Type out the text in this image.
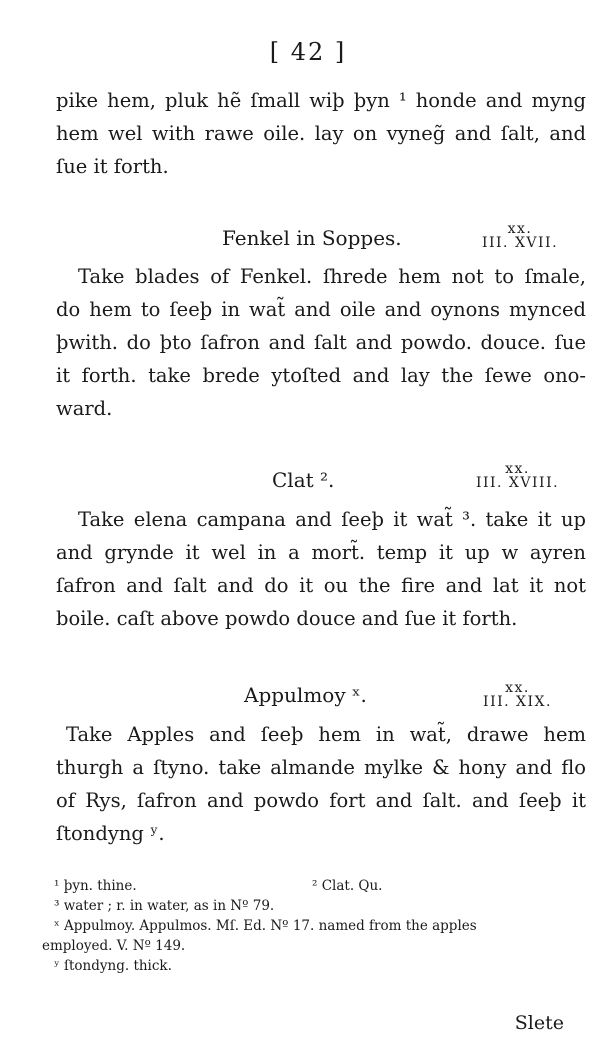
[ 42 ]
pike hem, pluk hẽ ſmall wiþ þyn ¹ honde and myng
hem wel with rawe oile. lay on vyneg̃ and ſalt, and
ſue it forth.
Fenkel in Soppes.	xx.
III. XVII.
Take blades of Fenkel. ſhrede hem not to ſmale,
do hem to ſeeþ in wat̃ and oile and oynons mynced
þwith. do þto ſafron and ſalt and powdo. douce. ſue
it forth. take brede ytoſted and lay the ſewe ono-
ward.
Clat ².	xx.
III. XVIII.
Take elena campana and ſeeþ it wat̃ ³. take it up
and grynde it wel in a mort̃. temp it up w ayren
ſafron and ſalt and do it ou the fire and lat it not
boile. caſt above powdo douce and ſue it forth.
Appulmoy ˣ.	xx.
III. XIX.
Take Apples and ſeeþ hem in wat̃, drawe hem
thurgh a ſtyno. take almande mylke & hony and flo
of Rys, ſafron and powdo fort and ſalt. and ſeeþ it
ſtondyng ʸ.
¹ þyn. thine.	² Clat. Qu.
³ water ; r. in water, as in Nº 79.
ˣ Appulmoy. Appulmos. Mſ. Ed. Nº 17. named from the apples
employed. V. Nº 149.
ʸ ſtondyng. thick.
Slete
